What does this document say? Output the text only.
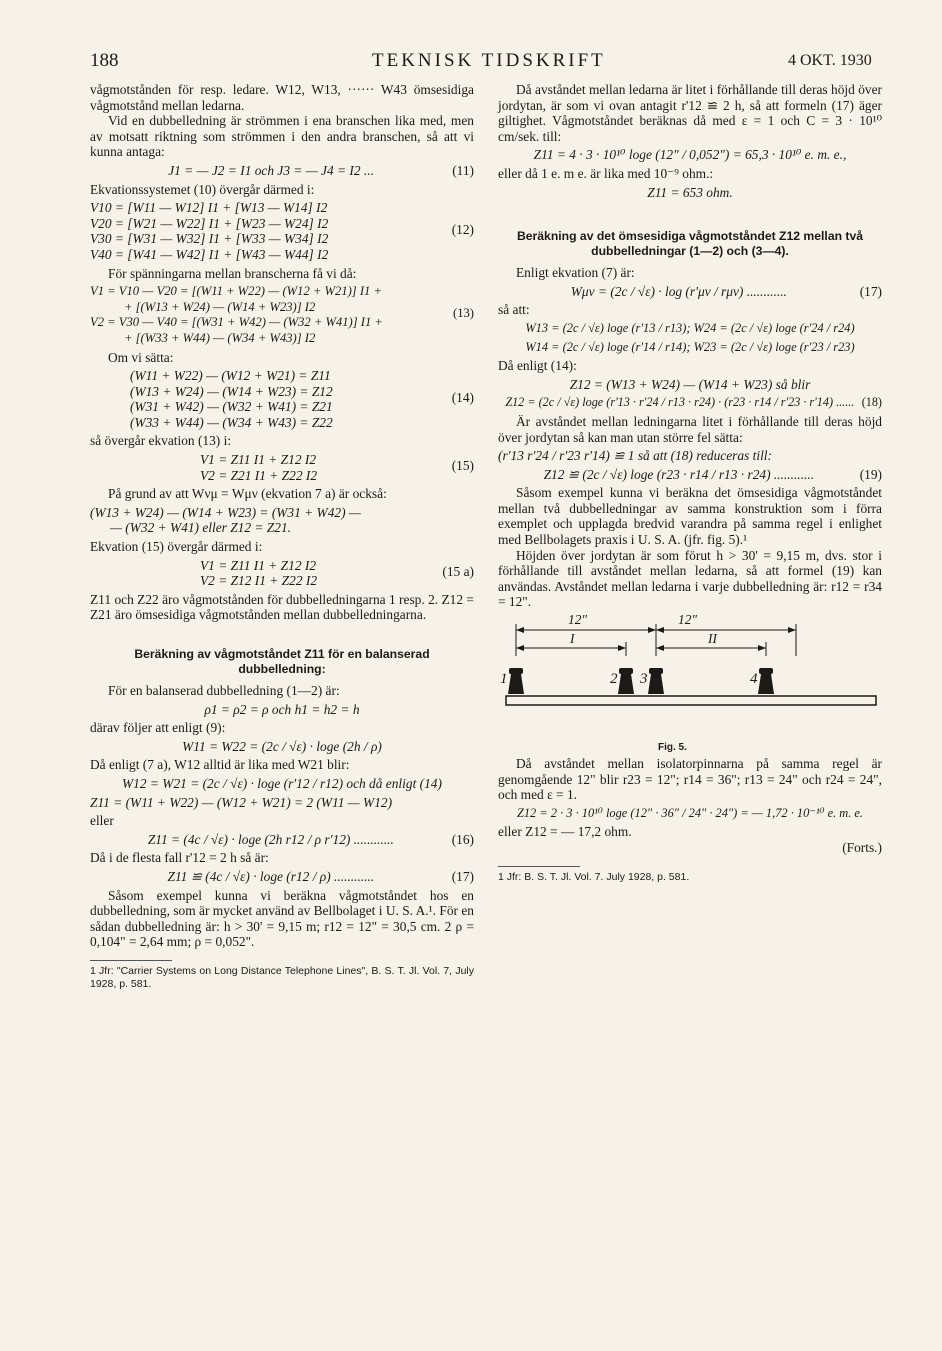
188	TEKNISK TIDSKRIFT	4 OKT. 1930

vågmotstånden för resp. ledare. W12, W13, ······ W43 ömsesidiga vågmotstånd mellan ledarna.

Vid en dubbelledning är strömmen i ena branschen lika med, men av motsatt riktning som strömmen i den andra branschen, så att vi kunna antaga:

J1 = — J2 = I1 och J3 = — J4 = I2 ...	(11)

Ekvationssystemet (10) övergår därmed i:

(12)
V10 = [W11 — W12] I1 + [W13 — W14] I2
V20 = [W21 — W22] I1 + [W23 — W24] I2
V30 = [W31 — W32] I1 + [W33 — W34] I2
V40 = [W41 — W42] I1 + [W43 — W44] I2

För spänningarna mellan branscherna få vi då:

(13)
V1 = V10 — V20 = [(W11 + W22) — (W12 + W21)] I1 +
+ [(W13 + W24) — (W14 + W23)] I2
V2 = V30 — V40 = [(W31 + W42) — (W32 + W41)] I1 +
+ [(W33 + W44) — (W34 + W43)] I2

Om vi sätta:

(14)
(W11 + W22) — (W12 + W21) = Z11
(W13 + W24) — (W14 + W23) = Z12
(W31 + W42) — (W32 + W41) = Z21
(W33 + W44) — (W34 + W43) = Z22

så övergår ekvation (13) i:

(15)
V1 = Z11 I1 + Z12 I2
V2 = Z21 I1 + Z22 I2

På grund av att Wνμ = Wμν (ekvation 7 a) är också:

(W13 + W24) — (W14 + W23) = (W31 + W42) —
— (W32 + W41) eller Z12 = Z21.

Ekvation (15) övergår därmed i:

(15 a)
V1 = Z11 I1 + Z12 I2
V2 = Z12 I1 + Z22 I2

Z11 och Z22 äro vågmotstånden för dubbelledningarna 1 resp. 2. Z12 = Z21 äro ömsesidiga vågmotstånden mellan dubbelledningarna.

Beräkning av vågmotståndet Z11 för en balanserad dubbelledning:

För en balanserad dubbelledning (1—2) är:

ρ1 = ρ2 = ρ och h1 = h2 = h

därav följer att enligt (9):

W11 = W22 = (2c / √ε) · loge (2h / ρ)

Då enligt (7 a), W12 alltid är lika med W21 blir:

W12 = W21 = (2c / √ε) · loge (r'12 / r12) och då enligt (14)
Z11 = (W11 + W22) — (W12 + W21) = 2 (W11 — W12)

eller

Z11 = (4c / √ε) · loge (2h r12 / ρ r'12) ............	(16)

Då i de flesta fall r'12 = 2 h så är:

Z11 ≌ (4c / √ε) · loge (r12 / ρ) ............	(17)

Såsom exempel kunna vi beräkna vågmotståndet hos en dubbelledning, som är mycket använd av Bellbolaget i U. S. A.¹. För en sådan dubbelledning är: h > 30' = 9,15 m; r12 = 12" = 30,5 cm. 2 ρ = 0,104" = 2,64 mm; ρ = 0,052".

1 Jfr: "Carrier Systems on Long Distance Telephone Lines", B. S. T. Jl. Vol. 7, July 1928, p. 581.

Då avståndet mellan ledarna är litet i förhållande till deras höjd över jordytan, är som vi ovan antagit r'12 ≌ 2 h, så att formeln (17) äger giltighet. Vågmotståndet beräknas då med ε = 1 och C = 3 · 10¹⁰ cm/sek. till:

Z11 = 4 · 3 · 10¹⁰ loge (12" / 0,052") = 65,3 · 10¹⁰ e. m. e.,

eller då 1 e. m e. är lika med 10⁻⁹ ohm.:

Z11 = 653 ohm.
Beräkning av det ömsesidiga vågmotståndet Z12 mellan två dubbelledningar (1—2) och (3—4).

Enligt ekvation (7) är:

Wμν = (2c / √ε) · log (r'μν / rμν) ............	(17)

så att:

W13 = (2c / √ε) loge (r'13 / r13); W24 = (2c / √ε) loge (r'24 / r24)
W14 = (2c / √ε) loge (r'14 / r14); W23 = (2c / √ε) loge (r'23 / r23)

Då enligt (14):

Z12 = (W13 + W24) — (W14 + W23) så blir
Z12 = (2c / √ε) loge (r'13 · r'24 / r13 · r24) · (r23 · r14 / r'23 · r'14) ...... (18)

Är avståndet mellan ledningarna litet i förhållande till deras höjd över jordytan så kan man utan större fel sätta:

(r'13 r'24 / r'23 r'14) ≌ 1 så att (18) reduceras till:
Z12 ≌ (2c / √ε) loge (r23 · r14 / r13 · r24) ............	(19)

Såsom exempel kunna vi beräkna det ömsesidiga vågmotståndet mellan två dubbelledningar av samma konstruktion som i förra exemplet och upplagda bredvid varandra på samma regel i enlighet med Bellbolagets praxis i U. S. A. (jfr. fig. 5).¹

Höjden över jordytan är som förut h > 30' = 9,15 m, dvs. stor i förhållande till avståndet mellan ledarna, så att formel (19) kan användas. Avståndet mellan ledarna i varje dubbelledning är: r12 = r34 = 12".

12"	12"
I	II
1	2 3	4
Fig. 5.

Då avståndet mellan isolatorpinnarna på samma regel är genomgående 12" blir r23 = 12"; r14 = 36"; r13 = 24" och r24 = 24", och med ε = 1.

Z12 = 2 · 3 · 10¹⁰ loge (12" · 36" / 24" · 24") = — 1,72 · 10⁻¹⁰ e. m. e.

eller Z12 = — 17,2 ohm.

(Forts.)

1 Jfr: B. S. T. Jl. Vol. 7. July 1928, p. 581.
